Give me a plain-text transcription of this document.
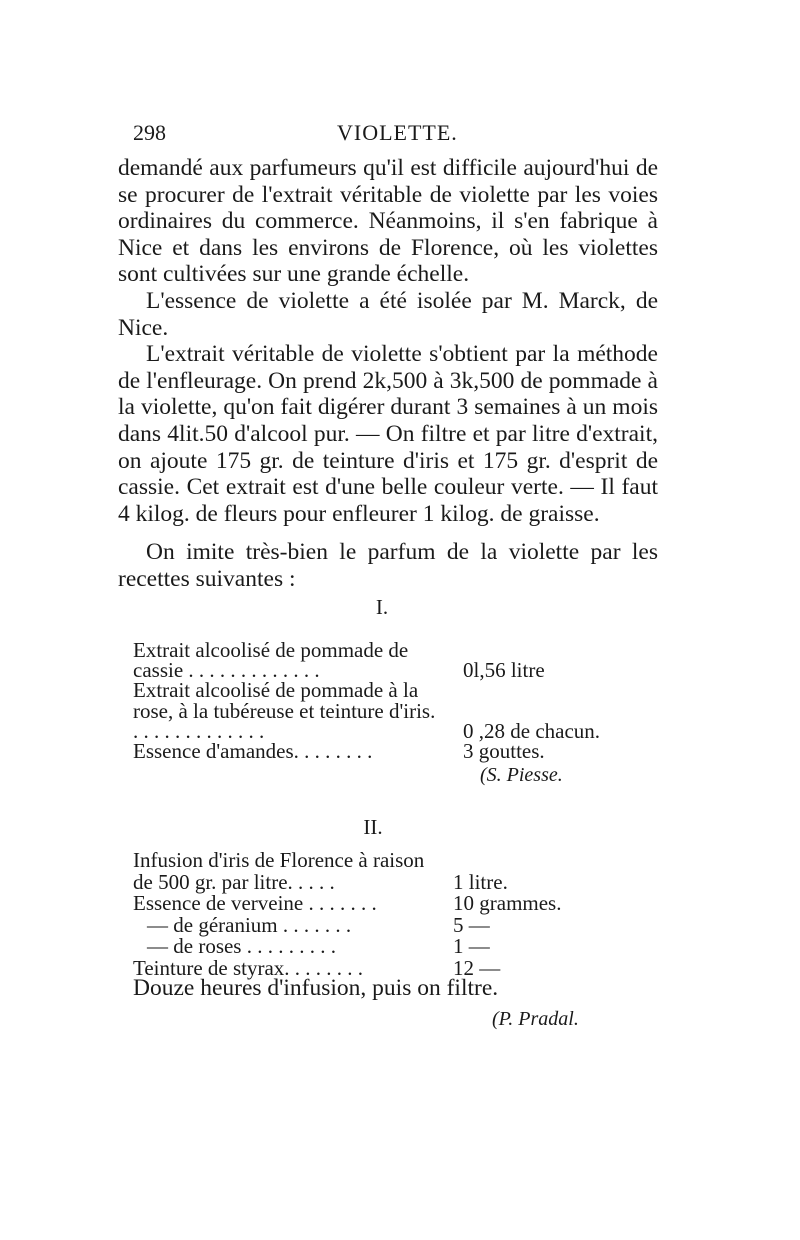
298	VIOLETTE.

demandé aux parfumeurs qu'il est difficile aujourd'hui de se procurer de l'extrait véritable de violette par les voies ordinaires du commerce. Néanmoins, il s'en fabrique à Nice et dans les environs de Florence, où les violettes sont cultivées sur une grande échelle.

L'essence de violette a été isolée par M. Marck, de Nice.

L'extrait véritable de violette s'obtient par la méthode de l'enfleurage. On prend 2k,500 à 3k,500 de pommade à la violette, qu'on fait digérer durant 3 semaines à un mois dans 4lit.50 d'alcool pur. — On filtre et par litre d'extrait, on ajoute 175 gr. de teinture d'iris et 175 gr. d'esprit de cassie. Cet extrait est d'une belle couleur verte. — Il faut 4 kilog. de fleurs pour enfleurer 1 kilog. de graisse.

On imite très-bien le parfum de la violette par les recettes suivantes :

I.
Extrait alcoolisé de pommade de cassie . . . . . . . . . . . . .	0l,56 litre
Extrait alcoolisé de pommade à la rose, à la tubéreuse et teinture d'iris. . . . . . . . . . . . . .	0 ,28 de chacun.
Essence d'amandes. . . . . . . .	3 gouttes.
(S. Piesse.
II.
Infusion d'iris de Florence à raison de 500 gr. par litre. . . . .	1 litre.
Essence de verveine . . . . . . .	10 grammes.
— de géranium . . . . . . .	5 —
— de roses . . . . . . . . .	1 —
Teinture de styrax. . . . . . . .	12 —
Douze heures d'infusion, puis on filtre.
(P. Pradal.
